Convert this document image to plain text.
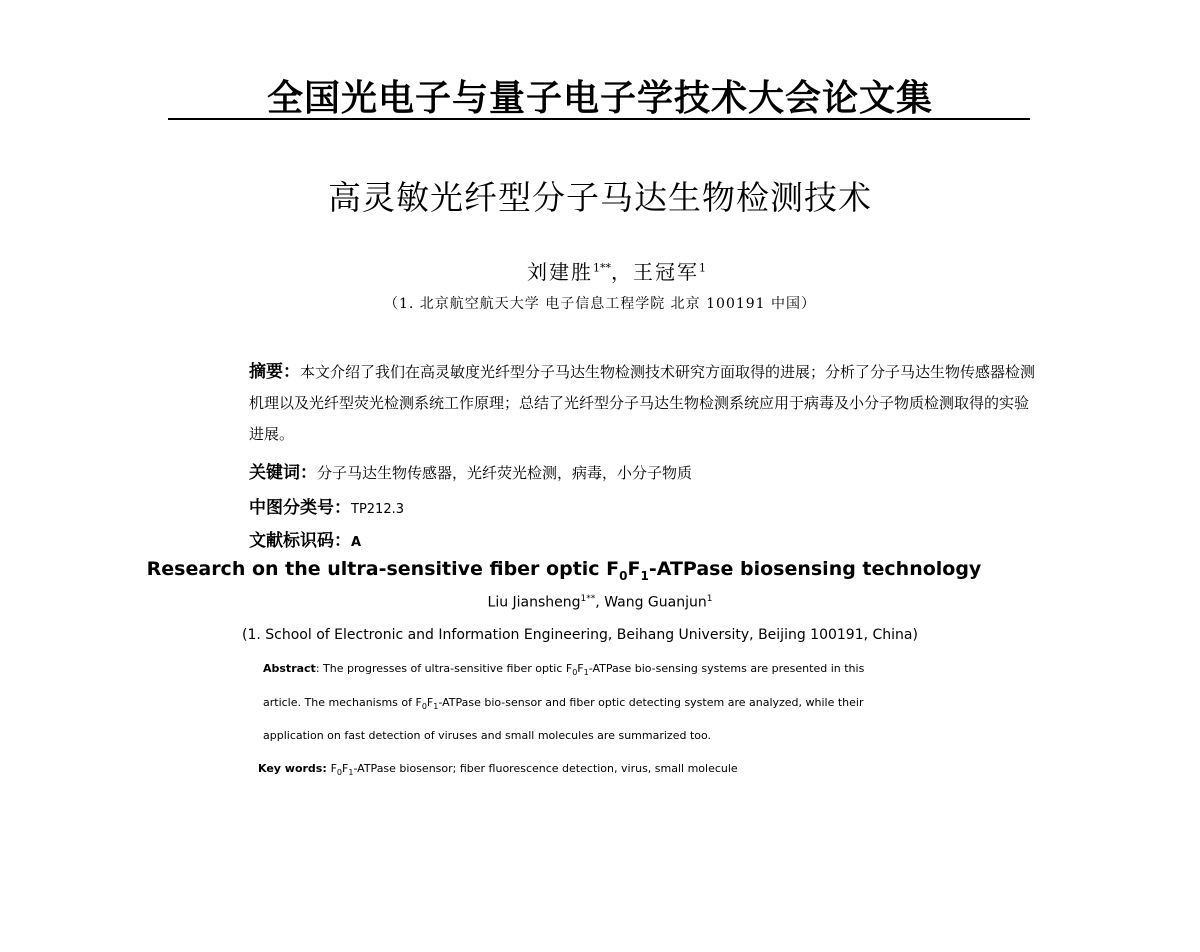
全国光电子与量子电子学技术大会论文集
高灵敏光纤型分子马达生物检测技术
刘建胜$^{1**}$，王冠军$^1$
（1. 北京航空航天大学 电子信息工程学院 北京 100191 中国）
摘要：本文介绍了我们在高灵敏度光纤型分子马达生物检测技术研究方面取得的进展；分析了分子马达生物传感器检测机理以及光纤型荧光检测系统工作原理；总结了光纤型分子马达生物检测系统应用于病毒及小分子物质检测取得的实验进展。
关键词：分子马达生物传感器，光纤荧光检测，病毒，小分子物质
中图分类号：TP212.3
文献标识码：A
Research on the ultra-sensitive fiber optic $F_0F_1$-ATPase biosensing technology
Liu Jiansheng$^{1**}$, Wang Guanjun$^1$
(1. School of Electronic and Information Engineering, Beihang University, Beijing 100191, China)
Abstract: The progresses of ultra-sensitive fiber optic $F_0F_1$-ATPase bio-sensing systems are presented in this
article. The mechanisms of $F_0F_1$-ATPase bio-sensor and fiber optic detecting system are analyzed, while their
application on fast detection of viruses and small molecules are summarized too.
Key words: $F_0F_1$-ATPase biosensor; fiber fluorescence detection, virus, small molecule
